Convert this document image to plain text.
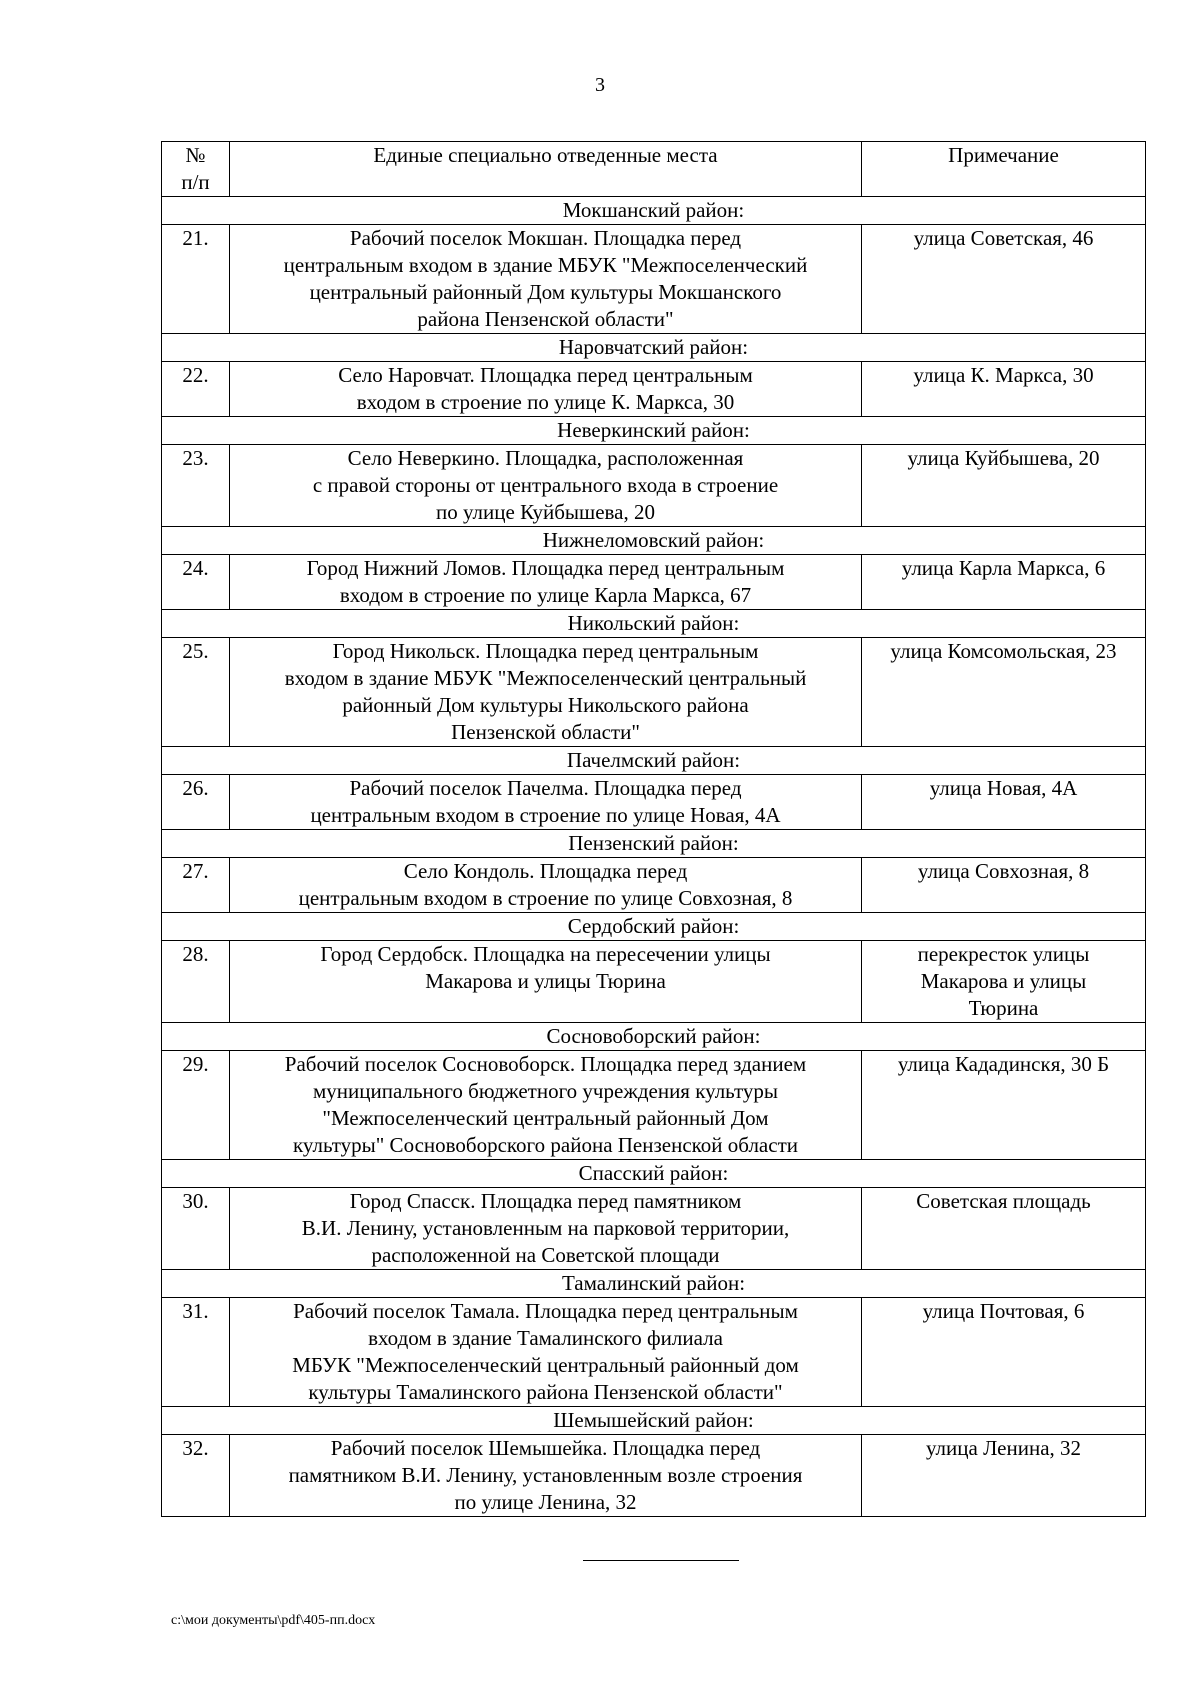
3
№
п/п	Единые специально отведенные места	Примечание
Мокшанский район:		
21.	Рабочий поселок Мокшан. Площадка перед
центральным входом в здание МБУК "Межпоселенческий
центральный районный Дом культуры Мокшанского
района Пензенской области"	улица Советская, 46
Наровчатский район:		
22.	Село Наровчат. Площадка перед центральным
входом в строение по улице К. Маркса, 30	улица К. Маркса, 30
Неверкинский район:		
23.	Село Неверкино. Площадка, расположенная
с правой стороны от центрального входа в строение
по улице Куйбышева, 20	улица Куйбышева, 20
Нижнеломовский район:		
24.	Город Нижний Ломов. Площадка перед центральным
входом в строение по улице Карла Маркса, 67	улица Карла Маркса, 6
Никольский район:		
25.	Город Никольск. Площадка перед центральным
входом в здание МБУК "Межпоселенческий центральный
районный Дом культуры Никольского района
Пензенской области"	улица Комсомольская, 23
Пачелмский район:		
26.	Рабочий поселок Пачелма. Площадка перед
центральным входом в строение по улице Новая, 4А	улица Новая, 4А
Пензенский район:		
27.	Село Кондоль. Площадка перед
центральным входом в строение по улице Совхозная, 8	улица Совхозная, 8
Сердобский район:		
28.	Город Сердобск. Площадка на пересечении улицы
Макарова и улицы Тюрина	перекресток улицы
Макарова и улицы
Тюрина
Сосновоборский район:		
29.	Рабочий поселок Сосновоборск. Площадка перед зданием
муниципального бюджетного учреждения культуры
"Межпоселенческий центральный районный Дом
культуры" Сосновоборского района Пензенской области	улица Кададинскя, 30 Б
Спасский район:		
30.	Город Спасск. Площадка перед памятником
В.И. Ленину, установленным на парковой территории,
расположенной на Советской площади	Советская площадь
Тамалинский район:		
31.	Рабочий поселок Тамала. Площадка перед центральным
входом в здание Тамалинского филиала
МБУК "Межпоселенческий центральный районный дом
культуры Тамалинского района Пензенской области"	улица Почтовая, 6
Шемышейский район:		
32.	Рабочий поселок Шемышейка. Площадка перед
памятником В.И. Ленину, установленным возле строения
по улице Ленина, 32	улица Ленина, 32
c:\мои документы\pdf\405-пп.docx
